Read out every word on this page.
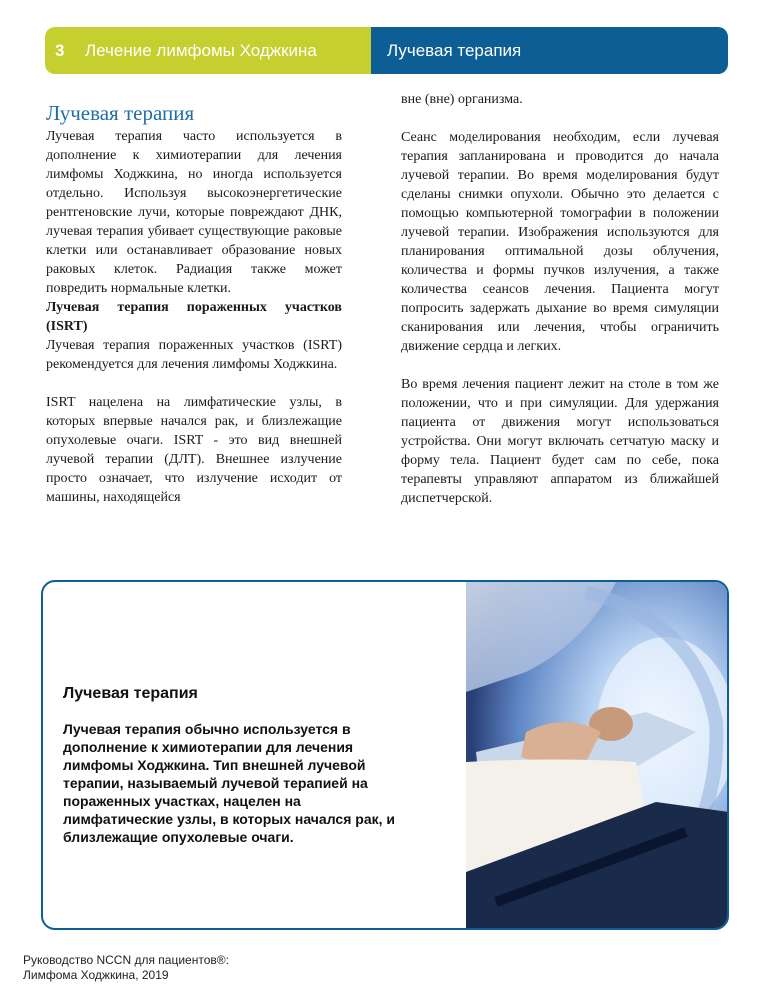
3	Лечение лимфомы Ходжкина	Лучевая терапия
Лучевая терапия

Лучевая терапия часто используется в дополнение к химиотерапии для лечения лимфомы Ходжкина, но иногда используется отдельно. Используя высокоэнергетические рентгеновские лучи, которые повреждают ДНК, лучевая терапия убивает существующие раковые клетки или останавливает образование новых раковых клеток. Радиация также может повредить нормальные клетки.

Лучевая терапия пораженных участков (ISRT)

Лучевая терапия пораженных участков (ISRT) рекомендуется для лечения лимфомы Ходжкина.

ISRT нацелена на лимфатические узлы, в которых впервые начался рак, и близлежащие опухолевые очаги. ISRT - это вид внешней лучевой терапии (ДЛТ). Внешнее излучение просто означает, что излучение исходит от машины, находящейся

вне (вне) организма.

Сеанс моделирования необходим, если лучевая терапия запланирована и проводится до начала лучевой терапии. Во время моделирования будут сделаны снимки опухоли. Обычно это делается с помощью компьютерной томографии в положении лучевой терапии. Изображения используются для планирования оптимальной дозы облучения, количества и формы пучков излучения, а также количества сеансов лечения. Пациента могут попросить задержать дыхание во время симуляции сканирования или лечения, чтобы ограничить движение сердца и легких.

Во время лечения пациент лежит на столе в том же положении, что и при симуляции. Для удержания пациента от движения могут использоваться устройства. Они могут включать сетчатую маску и форму тела. Пациент будет сам по себе, пока терапевты управляют аппаратом из ближайшей диспетчерской.

Лучевая терапия

Лучевая терапия обычно используется в дополнение к химиотерапии для лечения лимфомы Ходжкина. Тип внешней лучевой терапии, называемый лучевой терапией на пораженных участках, нацелен на лимфатические узлы, в которых начался рак, и близлежащие опухолевые очаги.

Руководство NCCN для пациентов®:
Лимфома Ходжкина, 2019
